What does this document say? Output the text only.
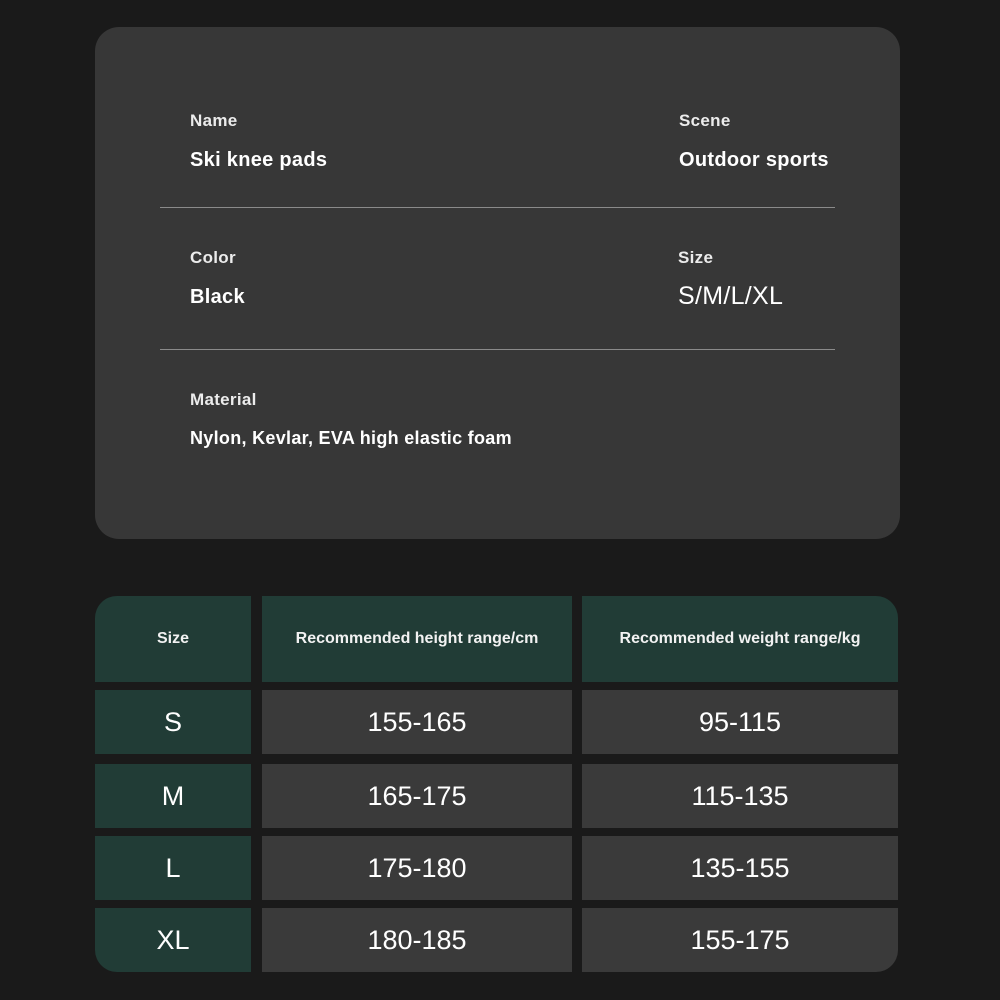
Name
Ski knee pads
Scene
Outdoor sports
Color
Black
Size
S/M/L/XL
Material
Nylon, Kevlar, EVA high elastic foam
Size	Recommended height range/cm	Recommended weight range/kg
S	155-165	95-115
M	165-175	115-135
L	175-180	135-155
XL	180-185	155-175
